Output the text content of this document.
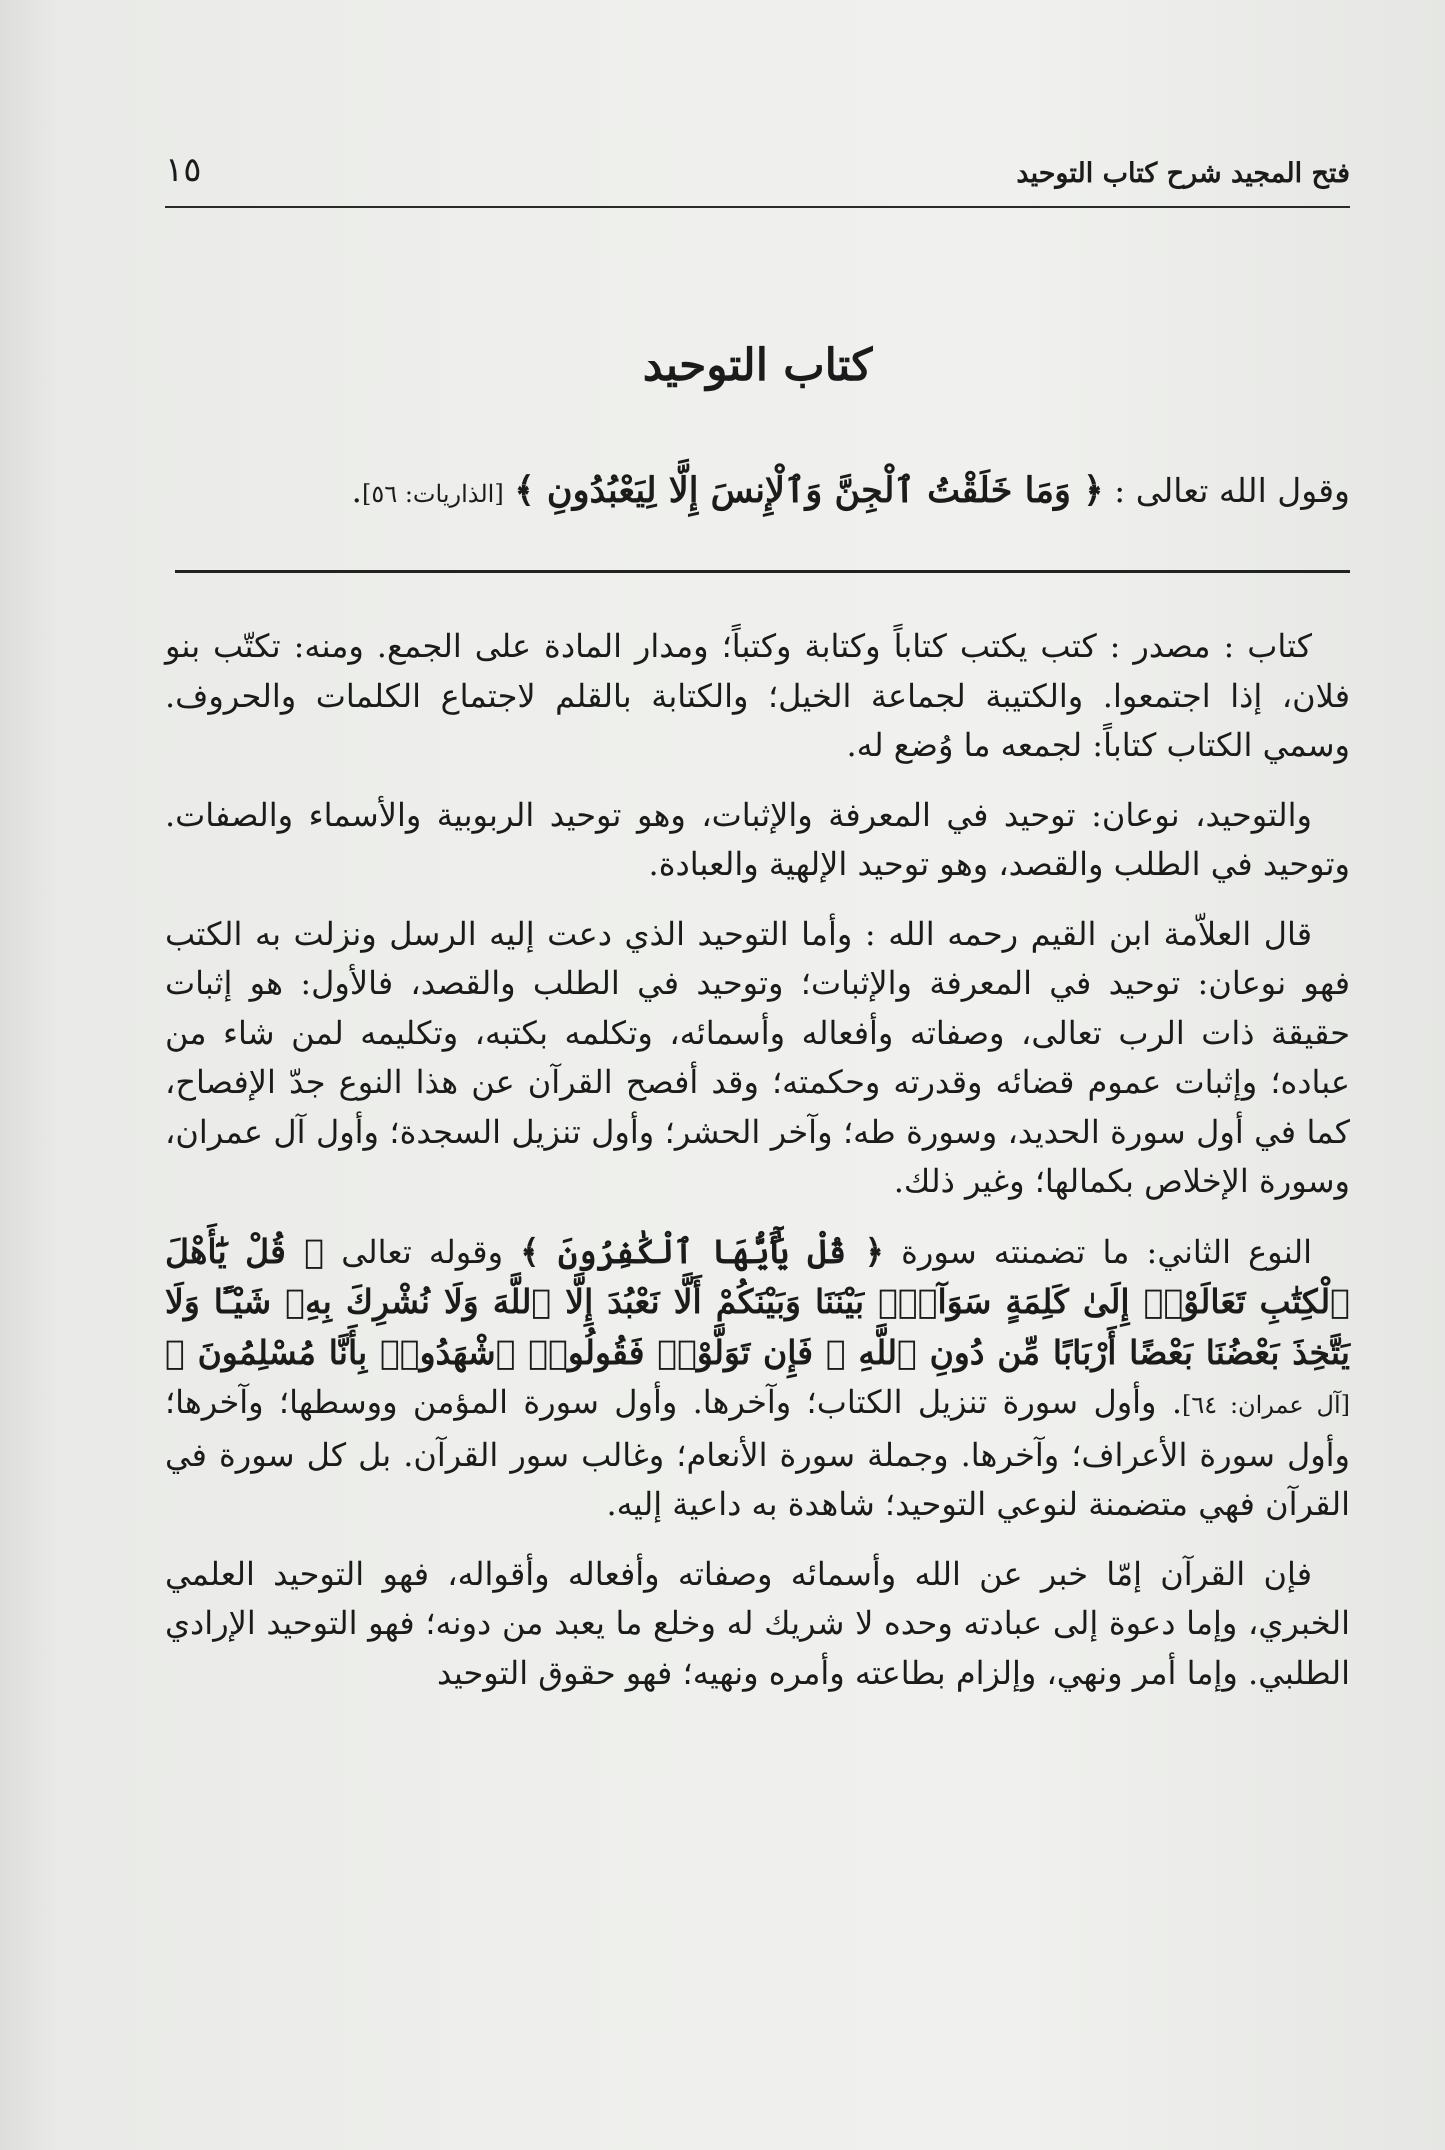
فتح المجيد شرح كتاب التوحيد
١٥
كتاب التوحيد
وقول الله تعالى : ﴿ وَمَا خَلَقْتُ ٱلْجِنَّ وَٱلْإِنسَ إِلَّا لِيَعْبُدُونِ ﴾ [الذاريات: ٥٦].

كتاب : مصدر : كتب يكتب كتاباً وكتابة وكتباً؛ ومدار المادة على الجمع. ومنه: تكتّب بنو فلان، إذا اجتمعوا. والكتيبة لجماعة الخيل؛ والكتابة بالقلم لاجتماع الكلمات والحروف. وسمي الكتاب كتاباً: لجمعه ما وُضع له.

والتوحيد، نوعان: توحيد في المعرفة والإثبات، وهو توحيد الربوبية والأسماء والصفات. وتوحيد في الطلب والقصد، وهو توحيد الإلهية والعبادة.

قال العلاّمة ابن القيم رحمه الله : وأما التوحيد الذي دعت إليه الرسل ونزلت به الكتب فهو نوعان: توحيد في المعرفة والإثبات؛ وتوحيد في الطلب والقصد، فالأول: هو إثبات حقيقة ذات الرب تعالى، وصفاته وأفعاله وأسمائه، وتكلمه بكتبه، وتكليمه لمن شاء من عباده؛ وإثبات عموم قضائه وقدرته وحكمته؛ وقد أفصح القرآن عن هذا النوع جدّ الإفصاح، كما في أول سورة الحديد، وسورة طه؛ وآخر الحشر؛ وأول تنزيل السجدة؛ وأول آل عمران، وسورة الإخلاص بكمالها؛ وغير ذلك.

النوع الثاني: ما تضمنته سورة ﴿ قُلْ يَٰٓأَيُّهَا ٱلْكَٰفِرُونَ ﴾ وقوله تعالى ﴿ قُلْ يَٰٓأَهْلَ ٱلْكِتَٰبِ تَعَالَوْا۟ إِلَىٰ كَلِمَةٍ سَوَآءٍۭ بَيْنَنَا وَبَيْنَكُمْ أَلَّا نَعْبُدَ إِلَّا ٱللَّهَ وَلَا نُشْرِكَ بِهِۦ شَيْـًٔا وَلَا يَتَّخِذَ بَعْضُنَا بَعْضًا أَرْبَابًا مِّن دُونِ ٱللَّهِ ۚ فَإِن تَوَلَّوْا۟ فَقُولُوا۟ ٱشْهَدُوا۟ بِأَنَّا مُسْلِمُونَ ﴾ [آل عمران: ٦٤]. وأول سورة تنزيل الكتاب؛ وآخرها. وأول سورة المؤمن ووسطها؛ وآخرها؛ وأول سورة الأعراف؛ وآخرها. وجملة سورة الأنعام؛ وغالب سور القرآن. بل كل سورة في القرآن فهي متضمنة لنوعي التوحيد؛ شاهدة به داعية إليه.

فإن القرآن إمّا خبر عن الله وأسمائه وصفاته وأفعاله وأقواله، فهو التوحيد العلمي الخبري، وإما دعوة إلى عبادته وحده لا شريك له وخلع ما يعبد من دونه؛ فهو التوحيد الإرادي الطلبي. وإما أمر ونهي، وإلزام بطاعته وأمره ونهيه؛ فهو حقوق التوحيد
